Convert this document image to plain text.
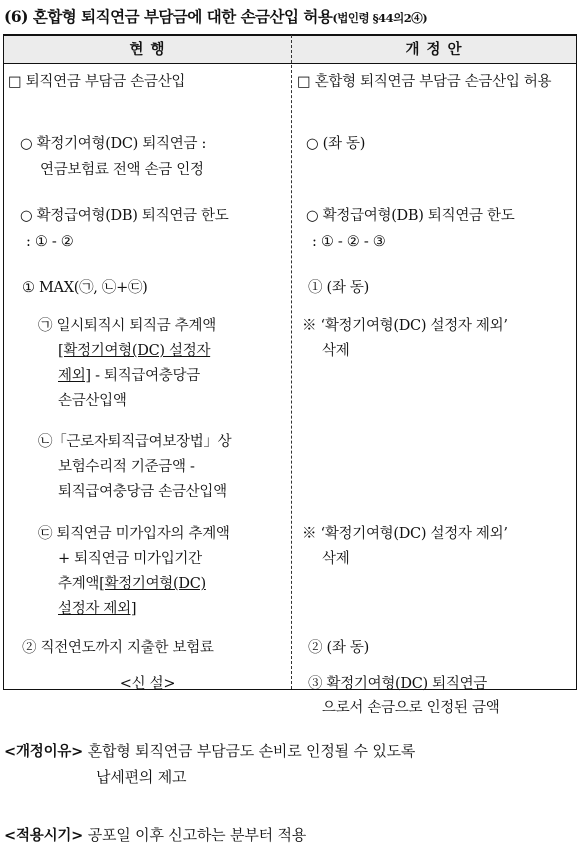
(6) 혼합형 퇴직연금 부담금에 대한 손금산입 허용(법인령 §44의2④)
현 행	개 정 안
□ 퇴직연금 부담금 손금산입
○ 확정기여형(DC) 퇴직연금 :
연금보험료 전액 손금 인정
○ 확정급여형(DB) 퇴직연금 한도
: ① - ②
① MAX(㉠, ㉡+㉢)
㉠ 일시퇴직시 퇴직금 추계액
[확정기여형(DC) 설정자
제외] - 퇴직급여충당금
손금산입액
㉡「근로자퇴직급여보장법」상
보험수리적 기준금액 -
퇴직급여충당금 손금산입액
㉢ 퇴직연금 미가입자의 추계액
+ 퇴직연금 미가입기간
추계액[확정기여형(DC)
설정자 제외]
② 직전연도까지 지출한 보험료
<신 설>
□ 혼합형 퇴직연금 부담금 손금산입 허용
○ (좌 동)
○ 확정급여형(DB) 퇴직연금 한도
: ① - ② - ③
① (좌 동)
※ ‘확정기여형(DC) 설정자 제외’
삭제
※ ‘확정기여형(DC) 설정자 제외’
삭제
② (좌 동)
③ 확정기여형(DC) 퇴직연금
으로서 손금으로 인정된 금액
<개정이유> 혼합형 퇴직연금 부담금도 손비로 인정될 수 있도록
납세편의 제고
<적용시기> 공포일 이후 신고하는 분부터 적용
